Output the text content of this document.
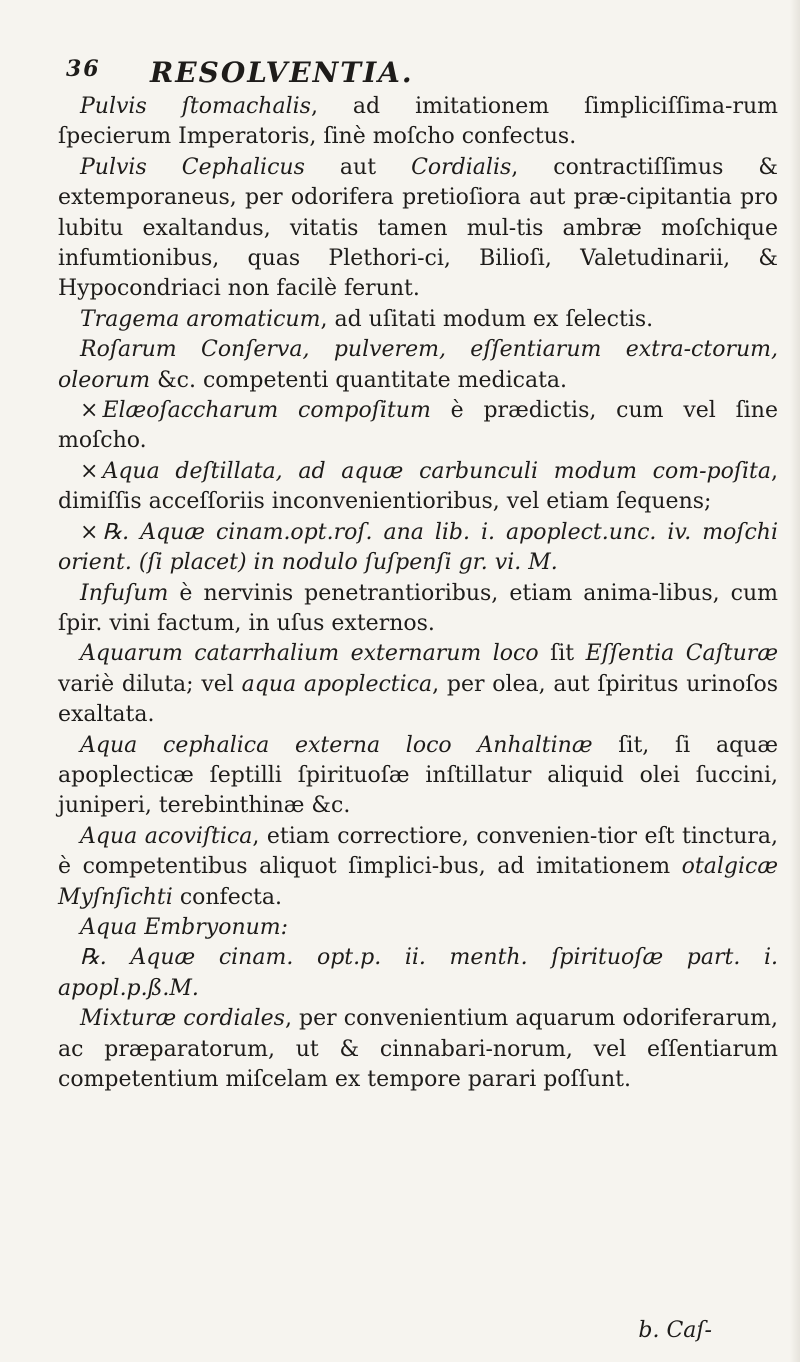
36 RESOLVENTIA.

Pulvis ſtomachalis, ad imitationem ſimpliciſſima-rum ſpecierum Imperatoris, ſinè moſcho confectus.

Pulvis Cephalicus aut Cordialis, contractiſſimus & extemporaneus, per odorifera pretioſiora aut præ-cipitantia pro lubitu exaltandus, vitatis tamen mul-tis ambræ moſchique infumtionibus, quas Plethori-ci, Bilioſi, Valetudinarii, & Hypocondriaci non facilè ferunt.

Tragema aromaticum, ad uſitati modum ex ſelectis.

Roſarum Conſerva, pulverem, eſſentiarum extra-ctorum, oleorum &c. competenti quantitate medicata.

× Elæoſaccharum compoſitum è prædictis, cum vel ſine moſcho.

× Aqua deſtillata, ad aquæ carbunculi modum com-poſita, dimiſſis acceſſoriis inconvenientioribus, vel etiam ſequens;

× ℞. Aquæ cinam.opt.roſ. ana lib. i. apoplect.unc. iv. moſchi orient. (ſi placet) in nodulo ſuſpenſi gr. vi. M.

Infuſum è nervinis penetrantioribus, etiam anima-libus, cum ſpir. vini factum, in uſus externos.

Aquarum catarrhalium externarum loco ſit Eſſentia Caſturæ variè diluta; vel aqua apoplectica, per olea, aut ſpiritus urinoſos exaltata.

Aqua cephalica externa loco Anhaltinæ ſit, ſi aquæ apoplecticæ ſeptilli ſpirituoſæ inſtillatur aliquid olei ſuccini, juniperi, terebinthinæ &c.

Aqua acoviſtica, etiam correctiore, convenien-tior eſt tinctura, è competentibus aliquot ſimplici-bus, ad imitationem otalgicæ Myſnſichti confecta.

Aqua Embryonum:

℞. Aquæ cinam. opt.p. ii. menth. ſpirituoſæ part. i. apopl.p.ß.M.

Mixturæ cordiales, per convenientium aquarum odoriferarum, ac præparatorum, ut & cinnabari-norum, vel eſſentiarum competentium miſcelam ex tempore parari poſſunt.

b. Caſ-
